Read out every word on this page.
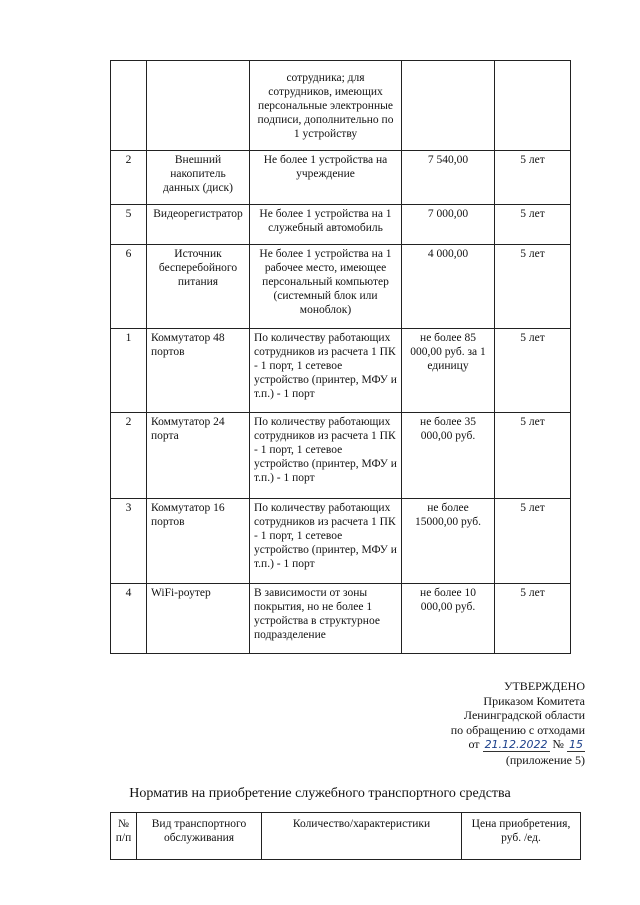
		сотрудника; для сотрудников, имеющих персональные электронные подписи, дополнительно по 1 устройству		
2	Внешний накопитель данных (диск)	Не более 1 устройства на учреждение	7 540,00	5 лет
5	Видеорегистратор	Не более 1 устройства на 1 служебный автомобиль	7 000,00	5 лет
6	Источник бесперебойного питания	Не более 1 устройства на 1 рабочее место, имеющее персональный компьютер (системный блок или моноблок)	4 000,00	5 лет
1	Коммутатор 48 портов	По количеству работающих сотрудников из расчета 1 ПК - 1 порт, 1 сетевое устройство (принтер, МФУ и т.п.) - 1 порт	не более 85 000,00 руб. за 1 единицу	5 лет
2	Коммутатор 24 порта	По количеству работающих сотрудников из расчета 1 ПК - 1 порт, 1 сетевое устройство (принтер, МФУ и т.п.) - 1 порт	не более 35 000,00 руб.	5 лет
3	Коммутатор 16 портов	По количеству работающих сотрудников из расчета 1 ПК - 1 порт, 1 сетевое устройство (принтер, МФУ и т.п.) - 1 порт	не более 15000,00 руб.	5 лет
4	WiFi-роутер	В зависимости от зоны покрытия, но не более 1 устройства в структурное подразделение	не более 10 000,00 руб.	5 лет
УТВЕРЖДЕНО
Приказом Комитета
Ленинградской области
по обращению с отходами
от 21.12.2022 № 15
(приложение 5)
Норматив на приобретение служебного транспортного средства
№ п/п	Вид транспортного обслуживания	Количество/характеристики	Цена приобретения, руб. /ед.
